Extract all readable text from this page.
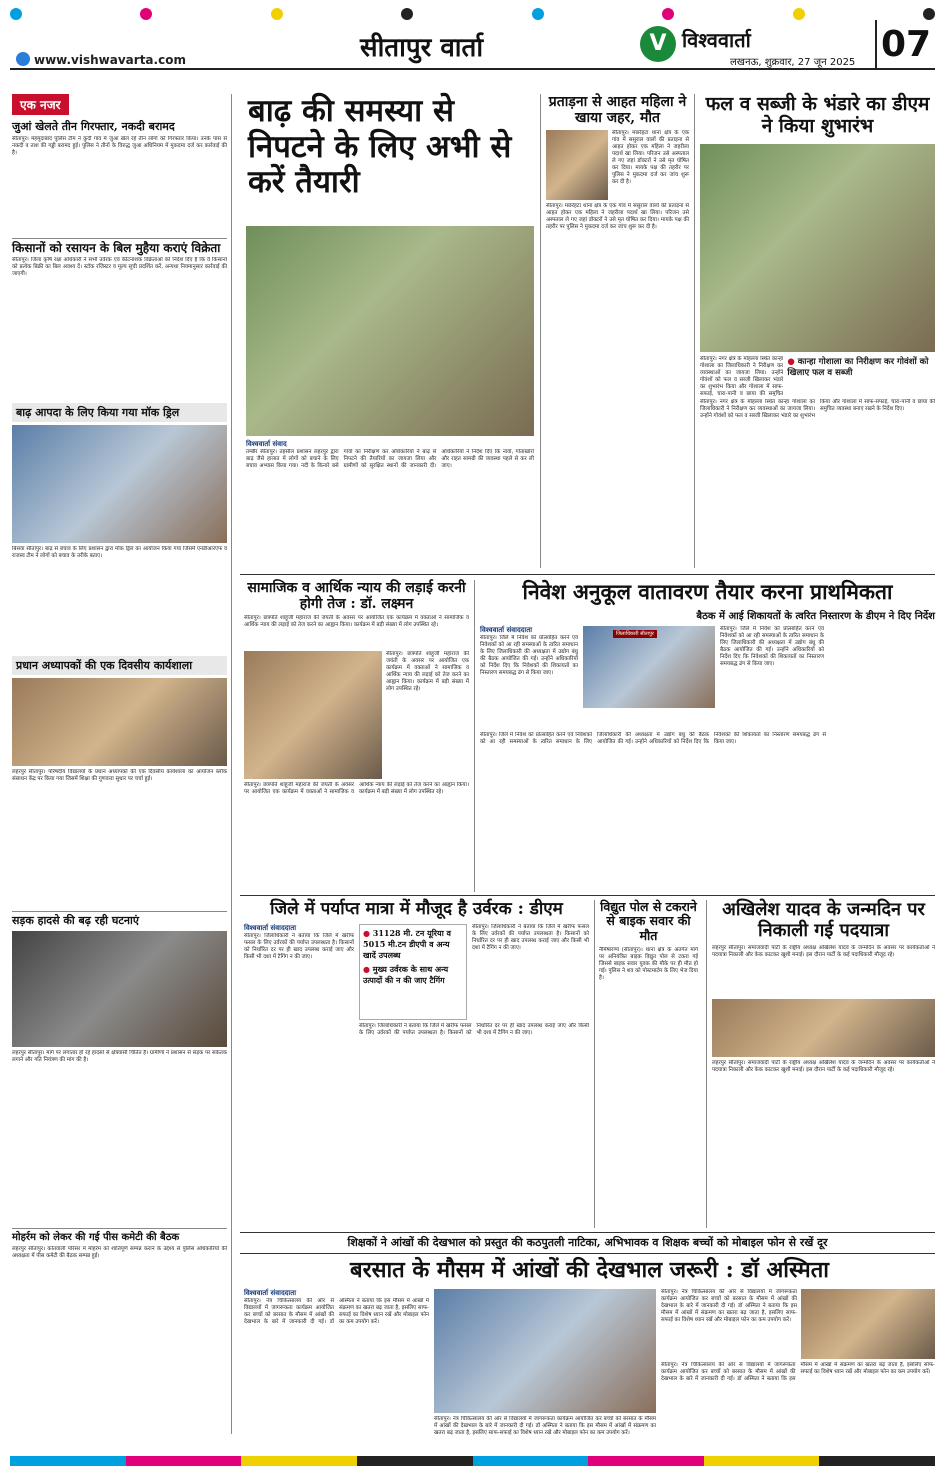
www.vishwavarta.com	सीतापुर वार्ता	V विश्ववार्ता
लखनऊ, शुक्रवार, 27 जून 2025 07
एक नजर
जुआं खेलते तीन गिरफ्तार, नकदी बरामद
सीतापुर। महमूदाबाद पुलिस टीम ने कुर्दी गांव में जुआ खेल रहे तीन लोगों को गिरफ्तार किया। उनके पास से नकदी व ताश की गड्डी बरामद हुई। पुलिस ने तीनों के विरुद्ध जुआ अधिनियम में मुकदमा दर्ज कर कार्रवाई की है।
किसानों को रसायन के बिल मुहैया कराएं विक्रेता
सीतापुर। जिला कृषि रक्षा अधिकारी ने सभी उर्वरक एवं कीटनाशक विक्रेताओं को निर्देश दिए हैं कि वे किसानों को प्रत्येक बिक्री का बिल अवश्य दें। स्टॉक रजिस्टर व मूल्य सूची प्रदर्शित करें, अन्यथा नियमानुसार कार्रवाई की जाएगी।
बाढ़ आपदा के लिए किया गया मॉक ड्रिल
बिसवां सीतापुर। बाढ़ से बचाव के लिए प्रशासन द्वारा मॉक ड्रिल का आयोजन किया गया जिसमें एनडीआरएफ व राजस्व टीम ने लोगों को बचाव के तरीके बताए।
प्रधान अध्यापकों की एक दिवसीय कार्यशाला
लहरपुर सीतापुर। परिषदीय विद्यालयों के प्रधान अध्यापकों की एक दिवसीय कार्यशाला का आयोजन ब्लॉक संसाधन केंद्र पर किया गया जिसमें शिक्षा की गुणवत्ता सुधार पर चर्चा हुई।
सड़क हादसे की बढ़ रही घटनाएं
लहरपुर सीतापुर। मार्ग पर लगातार हो रहे हादसों से क्षेत्रवासी चिंतित हैं। ग्रामीणों ने प्रशासन से सड़क पर संकेतक लगाने और गति नियंत्रण की मांग की है।
मोहर्रम को लेकर की गई पीस कमेटी की बैठक
लहरपुर सीतापुर। कोतवाली परिसर में मोहर्रम को शांतिपूर्ण सम्पन्न कराने के उद्देश्य से पुलिस अधिकारियों की अध्यक्षता में पीस कमेटी की बैठक सम्पन्न हुई।
बाढ़ की समस्या से निपटने के लिए अभी से करें तैयारी
विश्ववार्ता संवाद
तम्बौर सीतापुर। तहसील प्रशासन लहरपुर द्वारा बाढ़ जैसे हालात में लोगों को बचाने के लिए बचाव अभ्यास किया गया। नदी के किनारे बसे गांवों का निरीक्षण कर अधिकारियों ने बाढ़ से निपटने की तैयारियों का जायजा लिया और ग्रामीणों को सुरक्षित स्थानों की जानकारी दी। अधिकारियों ने निर्देश दिए कि नावों, गोताखोरों और राहत सामग्री की व्यवस्था पहले से कर ली जाए।
प्रताड़ना से आहत महिला ने खाया जहर, मौत
सीतापुर। मछरेहटा थाना क्षेत्र के एक गांव में ससुराल वालों की प्रताड़ना से आहत होकर एक महिला ने जहरीला पदार्थ खा लिया। परिजन उसे अस्पताल ले गए जहां डॉक्टरों ने उसे मृत घोषित कर दिया। मायके पक्ष की तहरीर पर पुलिस ने मुकदमा दर्ज कर जांच शुरू कर दी है।
सीतापुर। मछरेहटा थाना क्षेत्र के एक गांव में ससुराल वालों की प्रताड़ना से आहत होकर एक महिला ने जहरीला पदार्थ खा लिया। परिजन उसे अस्पताल ले गए जहां डॉक्टरों ने उसे मृत घोषित कर दिया। मायके पक्ष की तहरीर पर पुलिस ने मुकदमा दर्ज कर जांच शुरू कर दी है।
फल व सब्जी के भंडारे का डीएम ने किया शुभारंभ
सीतापुर। नगर क्षेत्र के मोहल्ला स्थित कान्हा गोशाला का जिलाधिकारी ने निरीक्षण कर व्यवस्थाओं का जायजा लिया। उन्होंने गोवंशों को फल व सब्जी खिलाकर भंडारे का शुभारंभ किया और गोशाला में साफ-सफाई, चारा-पानी व छाया की समुचित
● कान्हा गोशाला का निरीक्षण कर गोवंशों को खिलाए फल व सब्जी
सीतापुर। नगर क्षेत्र के मोहल्ला स्थित कान्हा गोशाला का जिलाधिकारी ने निरीक्षण कर व्यवस्थाओं का जायजा लिया। उन्होंने गोवंशों को फल व सब्जी खिलाकर भंडारे का शुभारंभ किया और गोशाला में साफ-सफाई, चारा-पानी व छाया की समुचित व्यवस्था बनाए रखने के निर्देश दिए।
सामाजिक व आर्थिक न्याय की लड़ाई करनी होगी तेज : डॉ. लक्ष्मन
सीतापुर। छत्रपति शाहूजी महाराज की जयंती के अवसर पर आयोजित एक कार्यक्रम में वक्ताओं ने सामाजिक व आर्थिक न्याय की लड़ाई को तेज करने का आह्वान किया। कार्यक्रम में बड़ी संख्या में लोग उपस्थित रहे।
सीतापुर। छत्रपति शाहूजी महाराज की जयंती के अवसर पर आयोजित एक कार्यक्रम में वक्ताओं ने सामाजिक व आर्थिक न्याय की लड़ाई को तेज करने का आह्वान किया। कार्यक्रम में बड़ी संख्या में लोग उपस्थित रहे।
सीतापुर। छत्रपति शाहूजी महाराज की जयंती के अवसर पर आयोजित एक कार्यक्रम में वक्ताओं ने सामाजिक व आर्थिक न्याय की लड़ाई को तेज करने का आह्वान किया। कार्यक्रम में बड़ी संख्या में लोग उपस्थित रहे।
निवेश अनुकूल वातावरण तैयार करना प्राथमिकता
बैठक में आई शिकायतों के त्वरित निस्तारण के डीएम ने दिए निर्देश
विश्ववार्ता संवाददाता
सीतापुर। जिले में निवेश को प्रोत्साहित करने एवं निवेशकों को आ रही समस्याओं के त्वरित समाधान के लिए जिलाधिकारी की अध्यक्षता में उद्योग बंधु की बैठक आयोजित की गई। उन्होंने अधिकारियों को निर्देश दिए कि निवेशकों की शिकायतों का निस्तारण समयबद्ध ढंग से किया जाए।
जिलाधिकारी सीतापुर
सीतापुर। जिले में निवेश को प्रोत्साहित करने एवं निवेशकों को आ रही समस्याओं के त्वरित समाधान के लिए जिलाधिकारी की अध्यक्षता में उद्योग बंधु की बैठक आयोजित की गई। उन्होंने अधिकारियों को निर्देश दिए कि निवेशकों की शिकायतों का निस्तारण समयबद्ध ढंग से किया जाए।
सीतापुर। जिले में निवेश को प्रोत्साहित करने एवं निवेशकों को आ रही समस्याओं के त्वरित समाधान के लिए जिलाधिकारी की अध्यक्षता में उद्योग बंधु की बैठक आयोजित की गई। उन्होंने अधिकारियों को निर्देश दिए कि निवेशकों की शिकायतों का निस्तारण समयबद्ध ढंग से किया जाए।
जिले में पर्याप्त मात्रा में मौजूद है उर्वरक : डीएम
विश्ववार्ता संवाददाता
सीतापुर। जिलाधिकारी ने बताया कि जिले में खरीफ फसल के लिए उर्वरकों की पर्याप्त उपलब्धता है। किसानों को निर्धारित दर पर ही खाद उपलब्ध कराई जाए और किसी भी दशा में टैगिंग न की जाए।
● 31128 मी. टन यूरिया व 5015 मी.टन डीएपी व अन्य खादें उपलब्ध
● मुख्य उर्वरक के साथ अन्य उत्पादों की न की जाए टैगिंग
सीतापुर। जिलाधिकारी ने बताया कि जिले में खरीफ फसल के लिए उर्वरकों की पर्याप्त उपलब्धता है। किसानों को निर्धारित दर पर ही खाद उपलब्ध कराई जाए और किसी भी दशा में टैगिंग न की जाए।
सीतापुर। जिलाधिकारी ने बताया कि जिले में खरीफ फसल के लिए उर्वरकों की पर्याप्त उपलब्धता है। किसानों को निर्धारित दर पर ही खाद उपलब्ध कराई जाए और किसी भी दशा में टैगिंग न की जाए।
विद्युत पोल से टकराने से बाइक सवार की मौत
नैमिषारण्य (सीतापुर)। थाना क्षेत्र के अंतर्गत मार्ग पर अनियंत्रित बाइक विद्युत पोल से टकरा गई जिससे बाइक सवार युवक की मौके पर ही मौत हो गई। पुलिस ने शव को पोस्टमार्टम के लिए भेज दिया है।
अखिलेश यादव के जन्मदिन पर निकाली गई पदयात्रा
लहरपुर सीतापुर। समाजवादी पार्टी के राष्ट्रीय अध्यक्ष अखिलेश यादव के जन्मदिन के अवसर पर कार्यकर्ताओं ने पदयात्रा निकाली और केक काटकर खुशी मनाई। इस दौरान पार्टी के कई पदाधिकारी मौजूद रहे।
लहरपुर सीतापुर। समाजवादी पार्टी के राष्ट्रीय अध्यक्ष अखिलेश यादव के जन्मदिन के अवसर पर कार्यकर्ताओं ने पदयात्रा निकाली और केक काटकर खुशी मनाई। इस दौरान पार्टी के कई पदाधिकारी मौजूद रहे।
शिक्षकों ने आंखों की देखभाल को प्रस्तुत की कठपुतली नाटिका, अभिभावक व शिक्षक बच्चों को मोबाइल फोन से रखें दूर
बरसात के मौसम में आंखों की देखभाल जरूरी : डॉ अस्मिता
विश्ववार्ता संवाददाता
सीतापुर। नेत्र चिकित्सालय की ओर से विद्यालयों में जागरूकता कार्यक्रम आयोजित कर बच्चों को बरसात के मौसम में आंखों की देखभाल के बारे में जानकारी दी गई। डॉ अस्मिता ने बताया कि इस मौसम में आंखों में संक्रमण का खतरा बढ़ जाता है, इसलिए साफ-सफाई का विशेष ध्यान रखें और मोबाइल फोन का कम उपयोग करें।
सीतापुर। नेत्र चिकित्सालय की ओर से विद्यालयों में जागरूकता कार्यक्रम आयोजित कर बच्चों को बरसात के मौसम में आंखों की देखभाल के बारे में जानकारी दी गई। डॉ अस्मिता ने बताया कि इस मौसम में आंखों में संक्रमण का खतरा बढ़ जाता है, इसलिए साफ-सफाई का विशेष ध्यान रखें और मोबाइल फोन का कम उपयोग करें।
सीतापुर। नेत्र चिकित्सालय की ओर से विद्यालयों में जागरूकता कार्यक्रम आयोजित कर बच्चों को बरसात के मौसम में आंखों की देखभाल के बारे में जानकारी दी गई। डॉ अस्मिता ने बताया कि इस मौसम में आंखों में संक्रमण का खतरा बढ़ जाता है, इसलिए साफ-सफाई का विशेष ध्यान रखें और मोबाइल फोन का कम उपयोग करें।
सीतापुर। नेत्र चिकित्सालय की ओर से विद्यालयों में जागरूकता कार्यक्रम आयोजित कर बच्चों को बरसात के मौसम में आंखों की देखभाल के बारे में जानकारी दी गई। डॉ अस्मिता ने बताया कि इस मौसम में आंखों में संक्रमण का खतरा बढ़ जाता है, इसलिए साफ-सफाई का विशेष ध्यान रखें और मोबाइल फोन का कम उपयोग करें।
